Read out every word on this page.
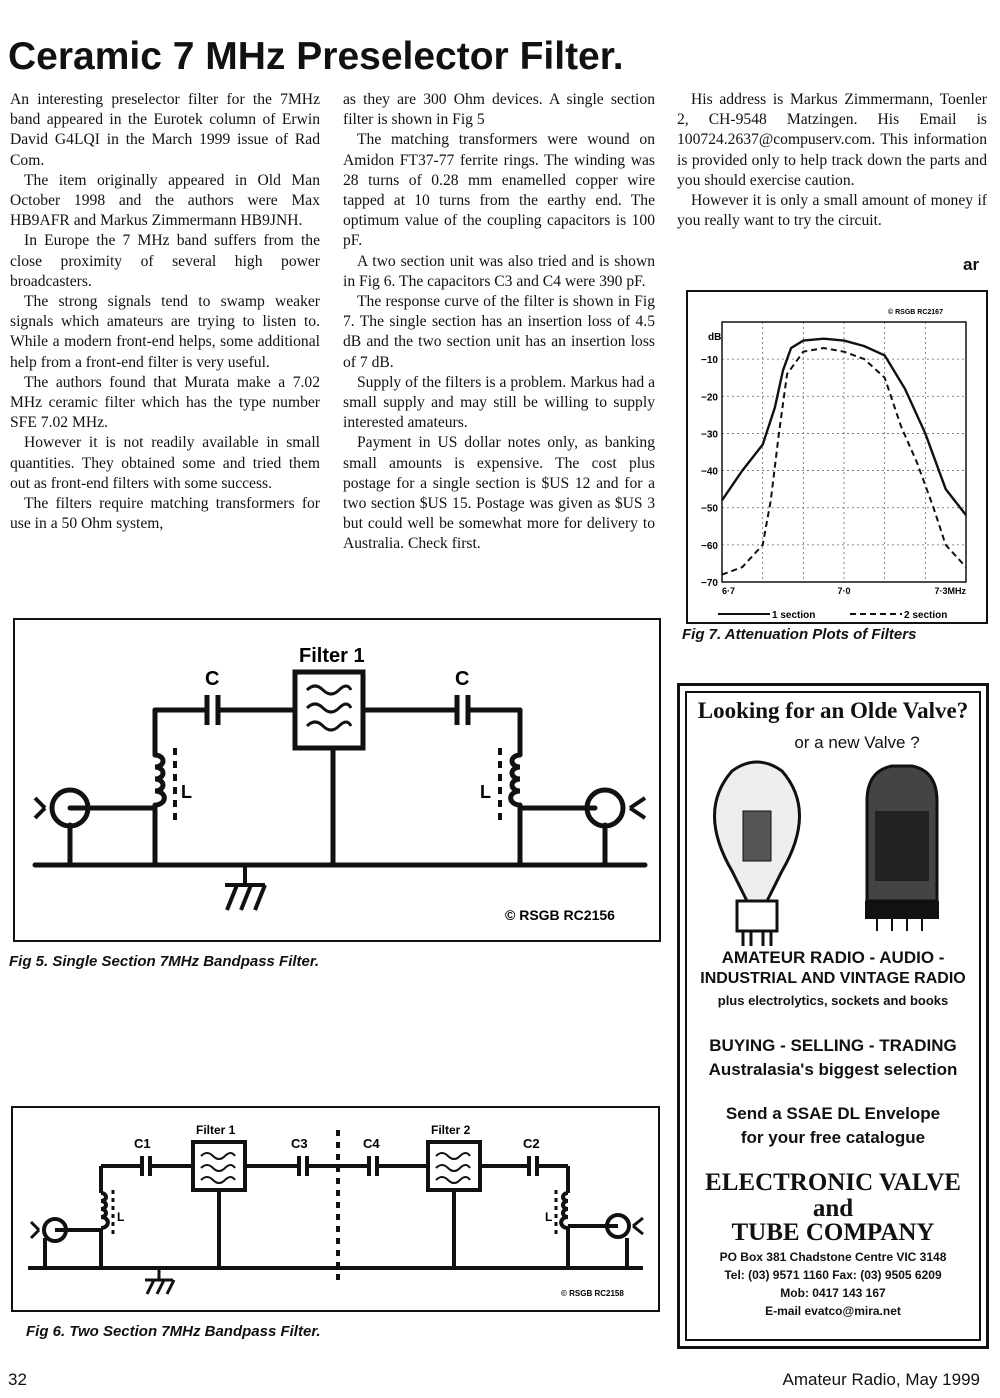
Ceramic 7 MHz Preselector Filter.

An interesting preselector filter for the 7MHz band appeared in the Eurotek column of Erwin David G4LQI in the March 1999 issue of Rad Com.

The item originally appeared in Old Man October 1998 and the authors were Max HB9AFR and Markus Zimmermann HB9JNH.

In Europe the 7 MHz band suffers from the close proximity of several high power broadcasters.

The strong signals tend to swamp weaker signals which amateurs are trying to listen to. While a modern front-end helps, some additional help from a front-end filter is very useful.

The authors found that Murata make a 7.02 MHz ceramic filter which has the type number SFE 7.02 MHz.

However it is not readily available in small quantities. They obtained some and tried them out as front-end filters with some success.

The filters require matching transformers for use in a 50 Ohm system,

as they are 300 Ohm devices. A single section filter is shown in Fig 5

The matching transformers were wound on Amidon FT37-77 ferrite rings. The winding was 28 turns of 0.28 mm enamelled copper wire tapped at 10 turns from the earthy end. The optimum value of the coupling capacitors is 100 pF.

A two section unit was also tried and is shown in Fig 6. The capacitors C3 and C4 were 390 pF.

The response curve of the filter is shown in Fig 7. The single section has an insertion loss of 4.5 dB and the two section unit has an insertion loss of 7 dB.

Supply of the filters is a problem. Markus had a small supply and may still be willing to supply interested amateurs.

Payment in US dollar notes only, as banking small amounts is expensive. The cost plus postage for a single section is $US 12 and for a two section $US 15. Postage was given as $US 3 but could well be somewhat more for delivery to Australia. Check first.

His address is Markus Zimmermann, Toenler 2, CH-9548 Matzingen. His Email is 100724.2637@compuserv.com. This information is provided only to help track down the parts and you should exercise caution.

However it is only a small amount of money if you really want to try the circuit.

ar
dB
−10
−20
−30
−40
−50
−60
−70
6·7	7·0	7·3MHz
© RSGB RC2167
1 section	2 section

Fig 7. Attenuation Plots of Filters

Filter 1
C	C
L	L
© RSGB RC2156

Fig 5. Single Section 7MHz Bandpass Filter.

Filter 1	Filter 2
C1	C3	C4	C2
L	L
© RSGB RC2158

Fig 6. Two Section 7MHz Bandpass Filter.

Looking for an Olde Valve?

or a new Valve ?

AMATEUR RADIO - AUDIO -

INDUSTRIAL AND VINTAGE RADIO

plus electrolytics, sockets and books

BUYING - SELLING - TRADING

Australasia's biggest selection

Send a SSAE DL Envelope

for your free catalogue

ELECTRONIC VALVE

and

TUBE COMPANY

PO Box 381 Chadstone Centre VIC 3148

Tel: (03) 9571 1160 Fax: (03) 9505 6209

Mob: 0417 143 167

E-mail evatco@mira.net

32	Amateur Radio, May 1999
